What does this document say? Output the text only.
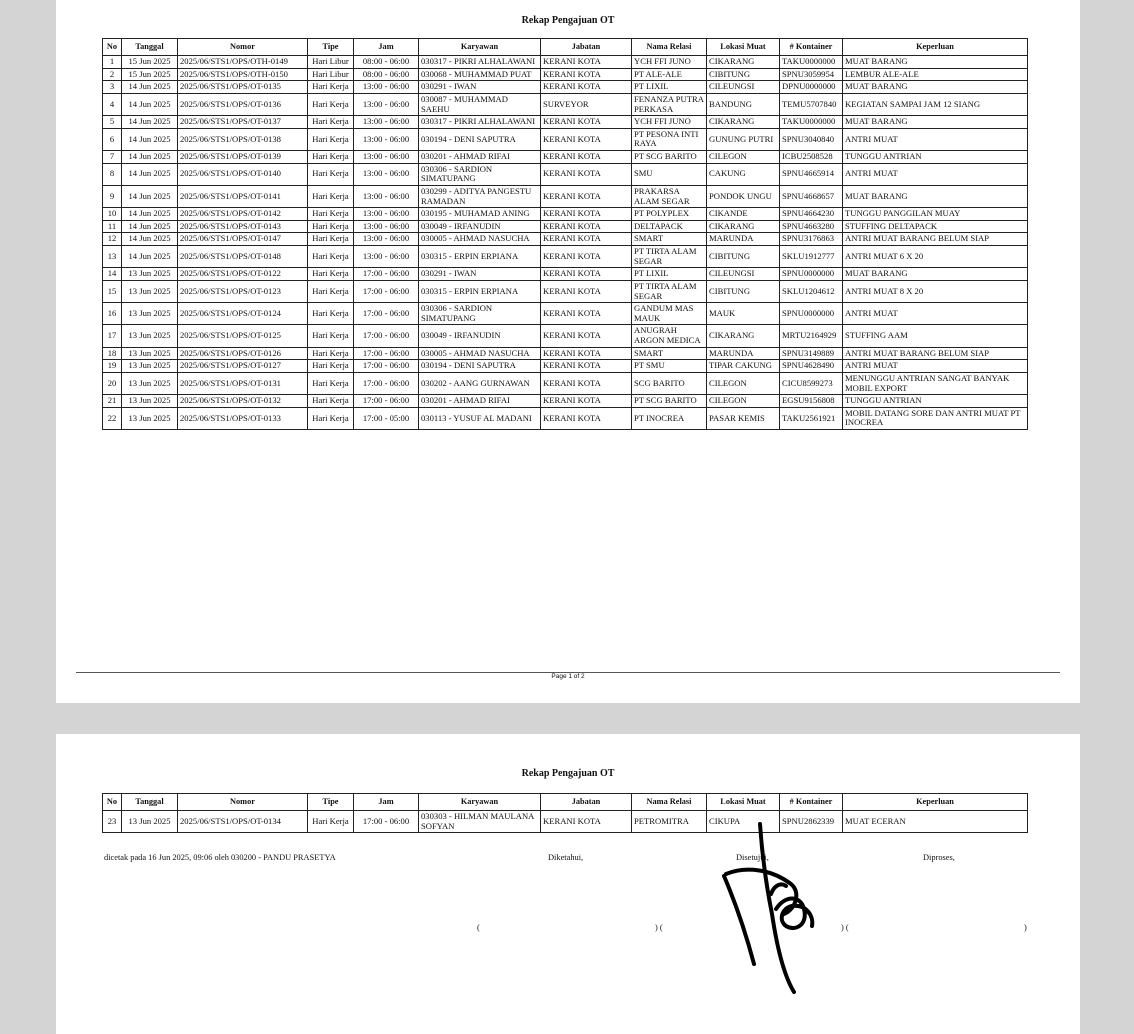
Rekap Pengajuan OT
No	Tanggal	Nomor	Tipe	Jam	Karyawan	Jabatan	Nama Relasi	Lokasi Muat	# Kontainer	Keperluan
1	15 Jun 2025	2025/06/STS1/OPS/OTH-0149	Hari Libur	08:00 - 06:00	030317 - PIKRI ALHALAWANI	KERANI KOTA	YCH FFI JUNO	CIKARANG	TAKU0000000	MUAT BARANG
2	15 Jun 2025	2025/06/STS1/OPS/OTH-0150	Hari Libur	08:00 - 06:00	030068 - MUHAMMAD PUAT	KERANI KOTA	PT ALE-ALE	CIBITUNG	SPNU3059954	LEMBUR ALE-ALE
3	14 Jun 2025	2025/06/STS1/OPS/OT-0135	Hari Kerja	13:00 - 06:00	030291 - IWAN	KERANI KOTA	PT LIXIL	CILEUNGSI	DPNU0000000	MUAT BARANG
4	14 Jun 2025	2025/06/STS1/OPS/OT-0136	Hari Kerja	13:00 - 06:00	030087 - MUHAMMAD SAEHU	SURVEYOR	FENANZA PUTRA PERKASA	BANDUNG	TEMU5707840	KEGIATAN SAMPAI JAM 12 SIANG
5	14 Jun 2025	2025/06/STS1/OPS/OT-0137	Hari Kerja	13:00 - 06:00	030317 - PIKRI ALHALAWANI	KERANI KOTA	YCH FFI JUNO	CIKARANG	TAKU0000000	MUAT BARANG
6	14 Jun 2025	2025/06/STS1/OPS/OT-0138	Hari Kerja	13:00 - 06:00	030194 - DENI SAPUTRA	KERANI KOTA	PT PESONA INTI RAYA	GUNUNG PUTRI	SPNU3040840	ANTRI MUAT
7	14 Jun 2025	2025/06/STS1/OPS/OT-0139	Hari Kerja	13:00 - 06:00	030201 - AHMAD RIFAI	KERANI KOTA	PT SCG BARITO	CILEGON	ICBU2508528	TUNGGU ANTRIAN
8	14 Jun 2025	2025/06/STS1/OPS/OT-0140	Hari Kerja	13:00 - 06:00	030306 - SARDION SIMATUPANG	KERANI KOTA	SMU	CAKUNG	SPNU4665914	ANTRI MUAT
9	14 Jun 2025	2025/06/STS1/OPS/OT-0141	Hari Kerja	13:00 - 06:00	030299 - ADITYA PANGESTU RAMADAN	KERANI KOTA	PRAKARSA ALAM SEGAR	PONDOK UNGU	SPNU4668657	MUAT BARANG
10	14 Jun 2025	2025/06/STS1/OPS/OT-0142	Hari Kerja	13:00 - 06:00	030195 - MUHAMAD ANING	KERANI KOTA	PT POLYPLEX	CIKANDE	SPNU4664230	TUNGGU PANGGILAN MUAY
11	14 Jun 2025	2025/06/STS1/OPS/OT-0143	Hari Kerja	13:00 - 06:00	030049 - IRFANUDIN	KERANI KOTA	DELTAPACK	CIKARANG	SPNU4663280	STUFFING DELTAPACK
12	14 Jun 2025	2025/06/STS1/OPS/OT-0147	Hari Kerja	13:00 - 06:00	030005 - AHMAD NASUCHA	KERANI KOTA	SMART	MARUNDA	SPNU3176863	ANTRI MUAT BARANG BELUM SIAP
13	14 Jun 2025	2025/06/STS1/OPS/OT-0148	Hari Kerja	13:00 - 06:00	030315 - ERPIN ERPIANA	KERANI KOTA	PT TIRTA ALAM SEGAR	CIBITUNG	SKLU1912777	ANTRI MUAT 6 X 20
14	13 Jun 2025	2025/06/STS1/OPS/OT-0122	Hari Kerja	17:00 - 06:00	030291 - IWAN	KERANI KOTA	PT LIXIL	CILEUNGSI	SPNU0000000	MUAT BARANG
15	13 Jun 2025	2025/06/STS1/OPS/OT-0123	Hari Kerja	17:00 - 06:00	030315 - ERPIN ERPIANA	KERANI KOTA	PT TIRTA ALAM SEGAR	CIBITUNG	SKLU1204612	ANTRI MUAT 8 X 20
16	13 Jun 2025	2025/06/STS1/OPS/OT-0124	Hari Kerja	17:00 - 06:00	030306 - SARDION SIMATUPANG	KERANI KOTA	GANDUM MAS MAUK	MAUK	SPNU0000000	ANTRI MUAT
17	13 Jun 2025	2025/06/STS1/OPS/OT-0125	Hari Kerja	17:00 - 06:00	030049 - IRFANUDIN	KERANI KOTA	ANUGRAH ARGON MEDICA	CIKARANG	MRTU2164929	STUFFING AAM
18	13 Jun 2025	2025/06/STS1/OPS/OT-0126	Hari Kerja	17:00 - 06:00	030005 - AHMAD NASUCHA	KERANI KOTA	SMART	MARUNDA	SPNU3149889	ANTRI MUAT BARANG BELUM SIAP
19	13 Jun 2025	2025/06/STS1/OPS/OT-0127	Hari Kerja	17:00 - 06:00	030194 - DENI SAPUTRA	KERANI KOTA	PT SMU	TIPAR CAKUNG	SPNU4628490	ANTRI MUAT
20	13 Jun 2025	2025/06/STS1/OPS/OT-0131	Hari Kerja	17:00 - 06:00	030202 - AANG GURNAWAN	KERANI KOTA	SCG BARITO	CILEGON	CICU8599273	MENUNGGU ANTRIAN SANGAT BANYAK MOBIL EXPORT
21	13 Jun 2025	2025/06/STS1/OPS/OT-0132	Hari Kerja	17:00 - 06:00	030201 - AHMAD RIFAI	KERANI KOTA	PT SCG BARITO	CILEGON	EGSU9156808	TUNGGU ANTRIAN
22	13 Jun 2025	2025/06/STS1/OPS/OT-0133	Hari Kerja	17:00 - 05:00	030113 - YUSUF AL MADANI	KERANI KOTA	PT INOCREA	PASAR KEMIS	TAKU2561921	MOBIL DATANG SORE DAN ANTRI MUAT PT INOCREA
Page 1 of 2
Rekap Pengajuan OT
No	Tanggal	Nomor	Tipe	Jam	Karyawan	Jabatan	Nama Relasi	Lokasi Muat	# Kontainer	Keperluan
23	13 Jun 2025	2025/06/STS1/OPS/OT-0134	Hari Kerja	17:00 - 06:00	030303 - HILMAN MAULANA SOFYAN	KERANI KOTA	PETROMITRA	CIKUPA	SPNU2862339	MUAT ECERAN
dicetak pada 16 Jun 2025, 09:06 oleh 030200 - PANDU PRASETYA	Diketahui,	Disetujui,	Diproses,
(	) (	) (	)
